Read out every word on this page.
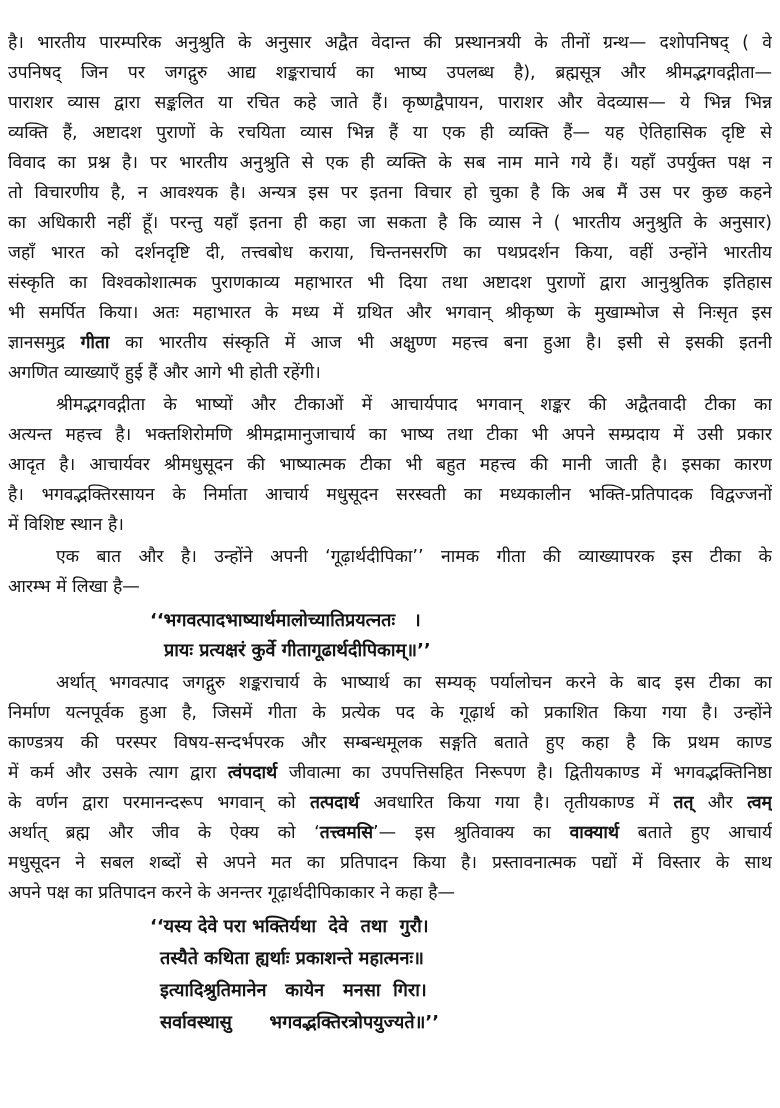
है। भारतीय पारम्परिक अनुश्रुति के अनुसार अद्वैत वेदान्त की प्रस्थानत्रयी के तीनों ग्रन्थ— दशोपनिषद् ( वे
उपनिषद् जिन पर जगद्गुरु आद्य शङ्कराचार्य का भाष्य उपलब्ध है), ब्रह्मसूत्र और श्रीमद्भगवद्गीता—
पाराशर व्यास द्वारा सङ्कलित या रचित कहे जाते हैं। कृष्णद्वैपायन, पाराशर और वेदव्यास— ये भिन्न भिन्न
व्यक्ति हैं, अष्टादश पुराणों के रचयिता व्यास भिन्न हैं या एक ही व्यक्ति हैं— यह ऐतिहासिक दृष्टि से
विवाद का प्रश्न है। पर भारतीय अनुश्रुति से एक ही व्यक्ति के सब नाम माने गये हैं। यहाँ उपर्युक्त पक्ष न
तो विचारणीय है, न आवश्यक है। अन्यत्र इस पर इतना विचार हो चुका है कि अब मैं उस पर कुछ कहने
का अधिकारी नहीं हूँ। परन्तु यहाँ इतना ही कहा जा सकता है कि व्यास ने ( भारतीय अनुश्रुति के अनुसार)
जहाँ भारत को दर्शनदृष्टि दी, तत्त्वबोध कराया, चिन्तनसरणि का पथप्रदर्शन किया, वहीं उन्होंने भारतीय
संस्कृति का विश्वकोशात्मक पुराणकाव्य महाभारत भी दिया तथा अष्टादश पुराणों द्वारा आनुश्रुतिक इतिहास
भी समर्पित किया। अतः महाभारत के मध्य में ग्रथित और भगवान् श्रीकृष्ण के मुखाम्भोज से निःसृत इस
ज्ञानसमुद्र गीता का भारतीय संस्कृति में आज भी अक्षुण्ण महत्त्व बना हुआ है। इसी से इसकी इतनी
अगणित व्याख्याएँ हुई हैं और आगे भी होती रहेंगी।
श्रीमद्भगवद्गीता के भाष्यों और टीकाओं में आचार्यपाद भगवान् शङ्कर की अद्वैतवादी टीका का
अत्यन्त महत्त्व है। भक्तशिरोमणि श्रीमद्रामानुजाचार्य का भाष्य तथा टीका भी अपने सम्प्रदाय में उसी प्रकार
आदृत है। आचार्यवर श्रीमधुसूदन की भाष्यात्मक टीका भी बहुत महत्त्व की मानी जाती है। इसका कारण
है। भगवद्भक्तिरसायन के निर्माता आचार्य मधुसूदन सरस्वती का मध्यकालीन भक्ति-प्रतिपादक विद्वज्जनों
में विशिष्ट स्थान है।
एक बात और है। उन्होंने अपनी ‘गूढ़ार्थदीपिका’’ नामक गीता की व्याख्यापरक इस टीका के
आरम्भ में लिखा है—
‘‘भगवत्पादभाष्यार्थमालोच्यातिप्रयत्नतः   ।
प्रायः प्रत्यक्षरं कुर्वे गीतागूढार्थदीपिकाम्॥’’
अर्थात् भगवत्पाद जगद्गुरु शङ्कराचार्य के भाष्यार्थ का सम्यक् पर्यालोचन करने के बाद इस टीका का
निर्माण यत्नपूर्वक हुआ है, जिसमें गीता के प्रत्येक पद के गूढ़ार्थ को प्रकाशित किया गया है। उन्होंने
काण्डत्रय की परस्पर विषय-सन्दर्भपरक और सम्बन्धमूलक सङ्गति बताते हुए कहा है कि प्रथम काण्ड
में कर्म और उसके त्याग द्वारा त्वंपदार्थ जीवात्मा का उपपत्तिसहित निरूपण है। द्वितीयकाण्ड में भगवद्भक्तिनिष्ठा
के वर्णन द्वारा परमानन्दरूप भगवान् को तत्पदार्थ अवधारित किया गया है। तृतीयकाण्ड में तत् और त्वम्
अर्थात् ब्रह्म और जीव के ऐक्य को ‘तत्त्वमसि’— इस श्रुतिवाक्य का वाक्यार्थ बताते हुए आचार्य
मधुसूदन ने सबल शब्दों से अपने मत का प्रतिपादन किया है। प्रस्तावनात्मक पद्यों में विस्तार के साथ
अपने पक्ष का प्रतिपादन करने के अनन्तर गूढ़ार्थदीपिकाकार ने कहा है—
‘‘यस्य देवे परा भक्तिर्यथा  देवे  तथा  गुरौ।
तस्यैते कथिता ह्यर्थाः प्रकाशन्ते महात्मनः॥
इत्यादिश्रुतिमानेन   कायेन   मनसा  गिरा।
सर्वावस्थासु      भगवद्भक्तिरत्रोपयुज्यते॥’’
